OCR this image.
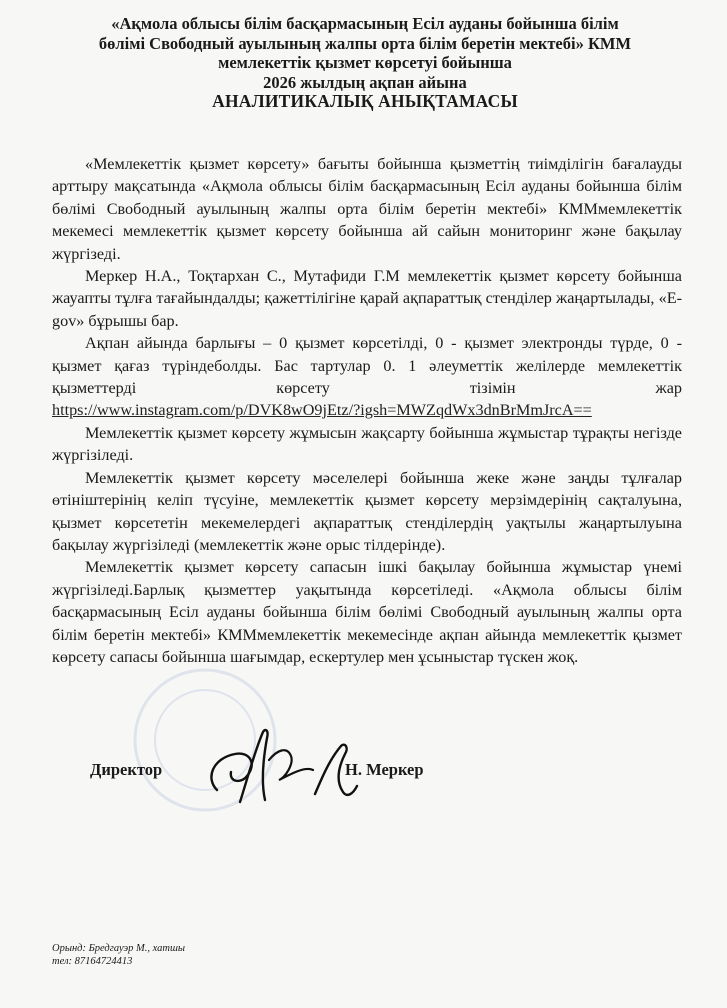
«Ақмола облысы білім басқармасының Есіл ауданы бойынша білім
бөлімі Свободный ауылының жалпы орта білім беретін мектебі» КММ
мемлекеттік қызмет көрсетуі бойынша
2026 жылдың ақпан айына
АНАЛИТИКАЛЫҚ АНЫҚТАМАСЫ

«Мемлекеттік қызмет көрсету» бағыты бойынша қызметтің тиімділігін бағалауды арттыру мақсатында «Ақмола облысы білім басқармасының Есіл ауданы бойынша білім бөлімі Свободный ауылының жалпы орта білім беретін мектебі» КММмемлекеттік мекемесі мемлекеттік қызмет көрсету бойынша ай сайын мониторинг және бақылау жүргізеді.

Меркер Н.А., Тоқтархан С., Мутафиди Г.М мемлекеттік қызмет көрсету бойынша жауапты тұлға тағайындалды; қажеттілігіне қарай ақпараттық стенділер жаңартылады, «E-gov» бұрышы бар.

Ақпан айында барлығы – 0 қызмет көрсетілді, 0 - қызмет электронды түрде, 0 - қызмет қағаз түріндеболды. Бас тартулар 0. 1 әлеуметтік желілерде мемлекеттік қызметтерді көрсету тізімін жар https://www.instagram.com/p/DVK8wO9jEtz/?igsh=MWZqdWx3dnBrMmJrcA==

Мемлекеттік қызмет көрсету жұмысын жақсарту бойынша жұмыстар тұрақты негізде жүргізіледі.

Мемлекеттік қызмет көрсету мәселелері бойынша жеке және заңды тұлғалар өтініштерінің келіп түсуіне, мемлекеттік қызмет көрсету мерзімдерінің сақталуына, қызмет көрсететін мекемелердегі ақпараттық стенділердің уақтылы жаңартылуына бақылау жүргізіледі (мемлекеттік және орыс тілдерінде).

Мемлекеттік қызмет көрсету сапасын ішкі бақылау бойынша жұмыстар үнемі жүргізіледі.Барлық қызметтер уақытында көрсетіледі. «Ақмола облысы білім басқармасының Есіл ауданы бойынша білім бөлімі Свободный ауылының жалпы орта білім беретін мектебі» КММмемлекеттік мекемесінде ақпан айында мемлекеттік қызмет көрсету сапасы бойынша шағымдар, ескертулер мен ұсыныстар түскен жоқ.

Директор	Н. Меркер
Орынд: Бредгауэр М., хатшы
тел: 87164724413
